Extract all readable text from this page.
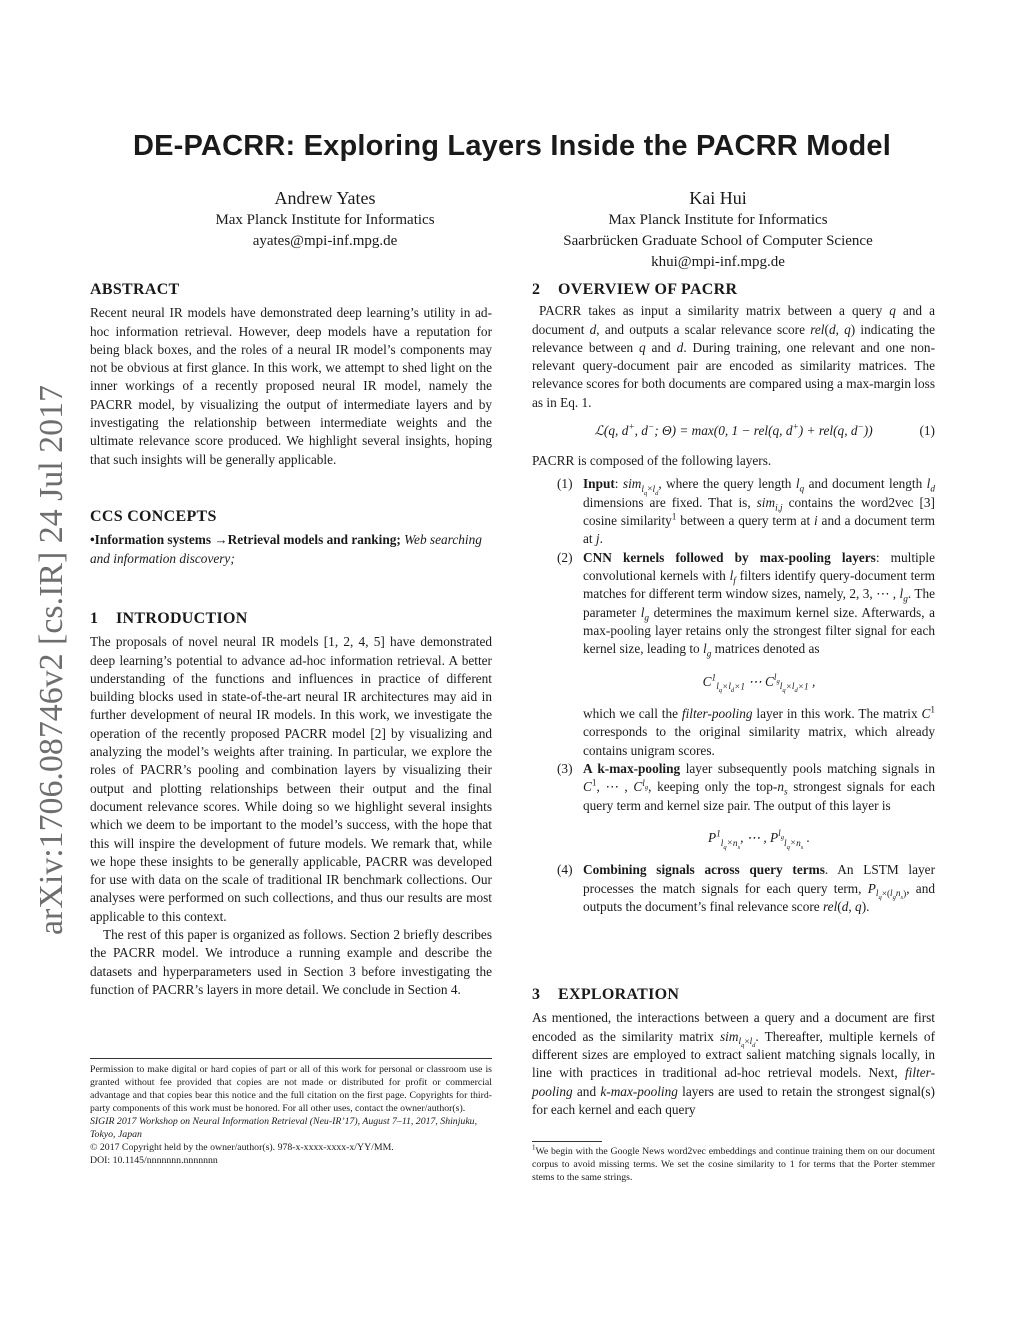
arXiv:1706.08746v2 [cs.IR] 24 Jul 2017
DE-PACRR: Exploring Layers Inside the PACRR Model
Andrew Yates
Max Planck Institute for Informatics
ayates@mpi-inf.mpg.de
Kai Hui
Max Planck Institute for Informatics
Saarbrücken Graduate School of Computer Science
khui@mpi-inf.mpg.de
ABSTRACT

Recent neural IR models have demonstrated deep learning’s utility in ad-hoc information retrieval. However, deep models have a reputation for being black boxes, and the roles of a neural IR model’s components may not be obvious at first glance. In this work, we attempt to shed light on the inner workings of a recently proposed neural IR model, namely the PACRR model, by visualizing the output of intermediate layers and by investigating the relationship between intermediate weights and the ultimate relevance score produced. We highlight several insights, hoping that such insights will be generally applicable.

CCS CONCEPTS

•Information systems →Retrieval models and ranking; Web searching and information discovery;

1 INTRODUCTION

The proposals of novel neural IR models [1, 2, 4, 5] have demonstrated deep learning’s potential to advance ad-hoc information retrieval. A better understanding of the functions and influences in practice of different building blocks used in state-of-the-art neural IR architectures may aid in further development of neural IR models. In this work, we investigate the operation of the recently proposed PACRR model [2] by visualizing and analyzing the model’s weights after training. In particular, we explore the roles of PACRR’s pooling and combination layers by visualizing their output and plotting relationships between their output and the final document relevance scores. While doing so we highlight several insights which we deem to be important to the model’s success, with the hope that this will inspire the development of future models. We remark that, while we hope these insights to be generally applicable, PACRR was developed for use with data on the scale of traditional IR benchmark collections. Our analyses were performed on such collections, and thus our results are most applicable to this context.

The rest of this paper is organized as follows. Section 2 briefly describes the PACRR model. We introduce a running example and describe the datasets and hyperparameters used in Section 3 before investigating the function of PACRR’s layers in more detail. We conclude in Section 4.

Permission to make digital or hard copies of part or all of this work for personal or classroom use is granted without fee provided that copies are not made or distributed for profit or commercial advantage and that copies bear this notice and the full citation on the first page. Copyrights for third-party components of this work must be honored. For all other uses, contact the owner/author(s).
SIGIR 2017 Workshop on Neural Information Retrieval (Neu-IR’17), August 7–11, 2017, Shinjuku, Tokyo, Japan
© 2017 Copyright held by the owner/author(s). 978-x-xxxx-xxxx-x/YY/MM.
DOI: 10.1145/nnnnnnn.nnnnnnn
2 OVERVIEW OF PACRR

PACRR takes as input a similarity matrix between a query q and a document d, and outputs a scalar relevance score rel(d, q) indicating the relevance between q and d. During training, one relevant and one non-relevant query-document pair are encoded as similarity matrices. The relevance scores for both documents are compared using a max-margin loss as in Eq. 1.

ℒ(q, d+, d−; Θ) = max(0, 1 − rel(q, d+) + rel(q, d−))	(1)

PACRR is composed of the following layers.

(1) Input: sim$_{l_q\times l_d}$, where the query length $l_q$ and document length $l_d$ dimensions are fixed. That is, sim$_{i,j}$ contains the word2vec [3] cosine similarity$^1$ between a query term at i and a document term at j.
(2) CNN kernels followed by max-pooling layers: multiple convolutional kernels with $l_f$ filters identify query-document term matches for different term window sizes, namely, 2, 3, ⋯ , $l_g$. The parameter $l_g$ determines the maximum kernel size. Afterwards, a max-pooling layer retains only the strongest filter signal for each kernel size, leading to $l_g$ matrices denoted as
$C^1_{l_q\times l_d\times 1}$ ⋯ $C^{l_g}_{l_q\times l_d\times 1}$ ,
which we call the filter-pooling layer in this work. The matrix $C^1$ corresponds to the original similarity matrix, which already contains unigram scores.
(3) A k-max-pooling layer subsequently pools matching signals in $C^1$, ⋯ , $C^{l_g}$, keeping only the top-$n_s$ strongest signals for each query term and kernel size pair. The output of this layer is
$P^1_{l_q\times n_s}$, ⋯ , $P^{l_g}_{l_q\times n_s}$ .
(4) Combining signals across query terms. An LSTM layer processes the match signals for each query term, $P_{l_q\times(l_gn_s)}$, and outputs the document’s final relevance score rel(d, q).
3 EXPLORATION

As mentioned, the interactions between a query and a document are first encoded as the similarity matrix sim$_{l_q\times l_d}$. Thereafter, multiple kernels of different sizes are employed to extract salient matching signals locally, in line with practices in traditional ad-hoc retrieval models. Next, filter-pooling and k-max-pooling layers are used to retain the strongest signal(s) for each kernel and each query

$^1$We begin with the Google News word2vec embeddings and continue training them on our document corpus to avoid missing terms. We set the cosine similarity to 1 for terms that the Porter stemmer stems to the same strings.
